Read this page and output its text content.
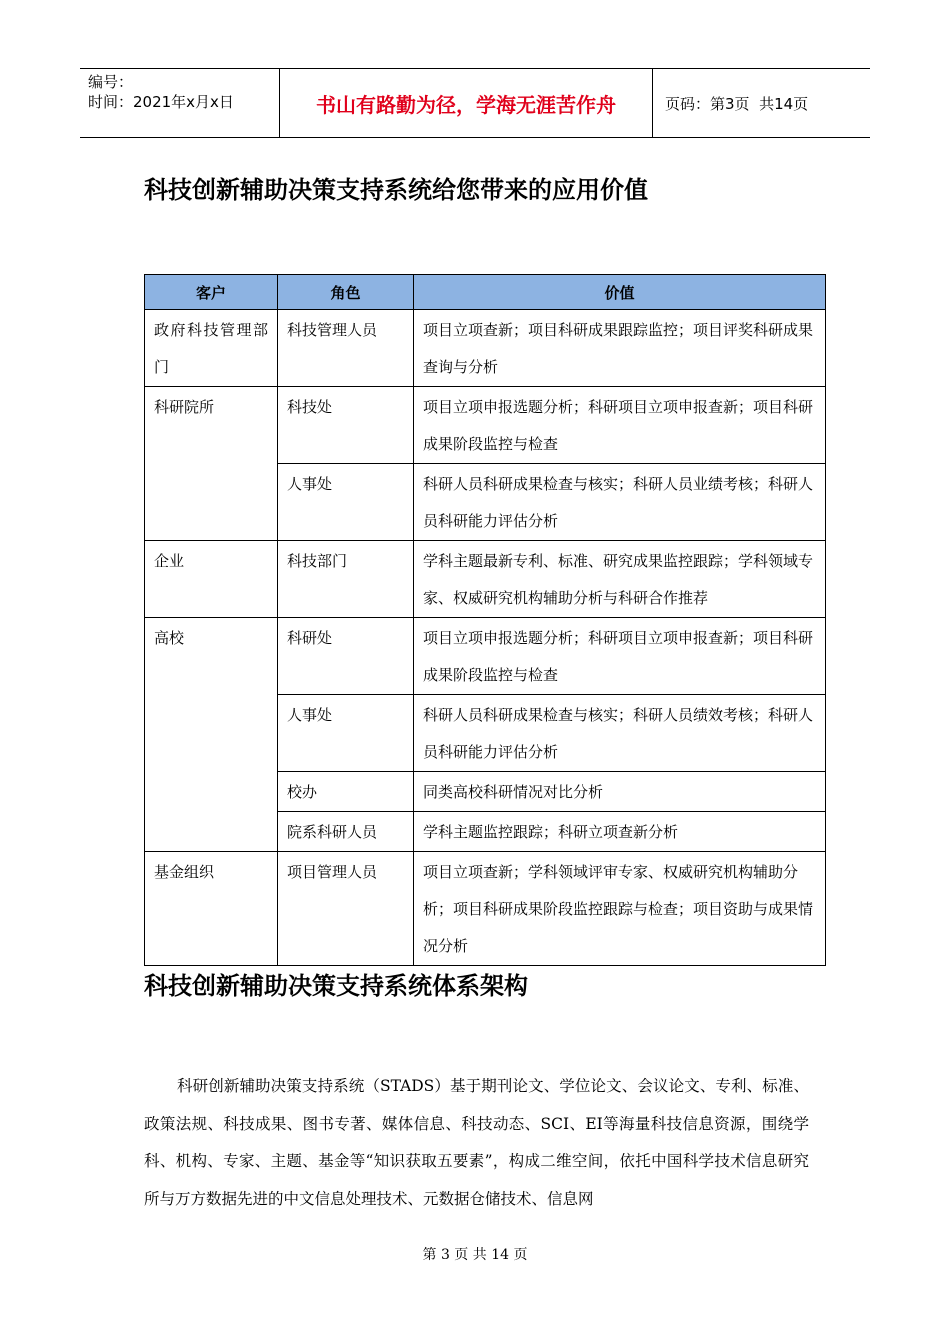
编号：
时间：2021年x月x日	书山有路勤为径，学海无涯苦作舟	页码：第3页  共14页
科技创新辅助决策支持系统给您带来的应用价值
客户	角色	价值
政府科技管理部门	科技管理人员	项目立项查新；项目科研成果跟踪监控；项目评奖科研成果查询与分析
科研院所	科技处	项目立项申报选题分析；科研项目立项申报查新；项目科研成果阶段监控与检查
	人事处	科研人员科研成果检查与核实；科研人员业绩考核；科研人员科研能力评估分析
企业	科技部门	学科主题最新专利、标准、研究成果监控跟踪；学科领域专家、权威研究机构辅助分析与科研合作推荐
高校	科研处	项目立项申报选题分析；科研项目立项申报查新；项目科研成果阶段监控与检查
	人事处	科研人员科研成果检查与核实；科研人员绩效考核；科研人员科研能力评估分析
	校办	同类高校科研情况对比分析
	院系科研人员	学科主题监控跟踪；科研立项查新分析
基金组织	项目管理人员	项目立项查新；学科领域评审专家、权威研究机构辅助分析；项目科研成果阶段监控跟踪与检查；项目资助与成果情况分析
科技创新辅助决策支持系统体系架构

科研创新辅助决策支持系统（STADS）基于期刊论文、学位论文、会议论文、专利、标准、政策法规、科技成果、图书专著、媒体信息、科技动态、SCI、EI等海量科技信息资源，围绕学科、机构、专家、主题、基金等“知识获取五要素”，构成二维空间，依托中国科学技术信息研究所与万方数据先进的中文信息处理技术、元数据仓储技术、信息网

第 3 页 共 14 页
